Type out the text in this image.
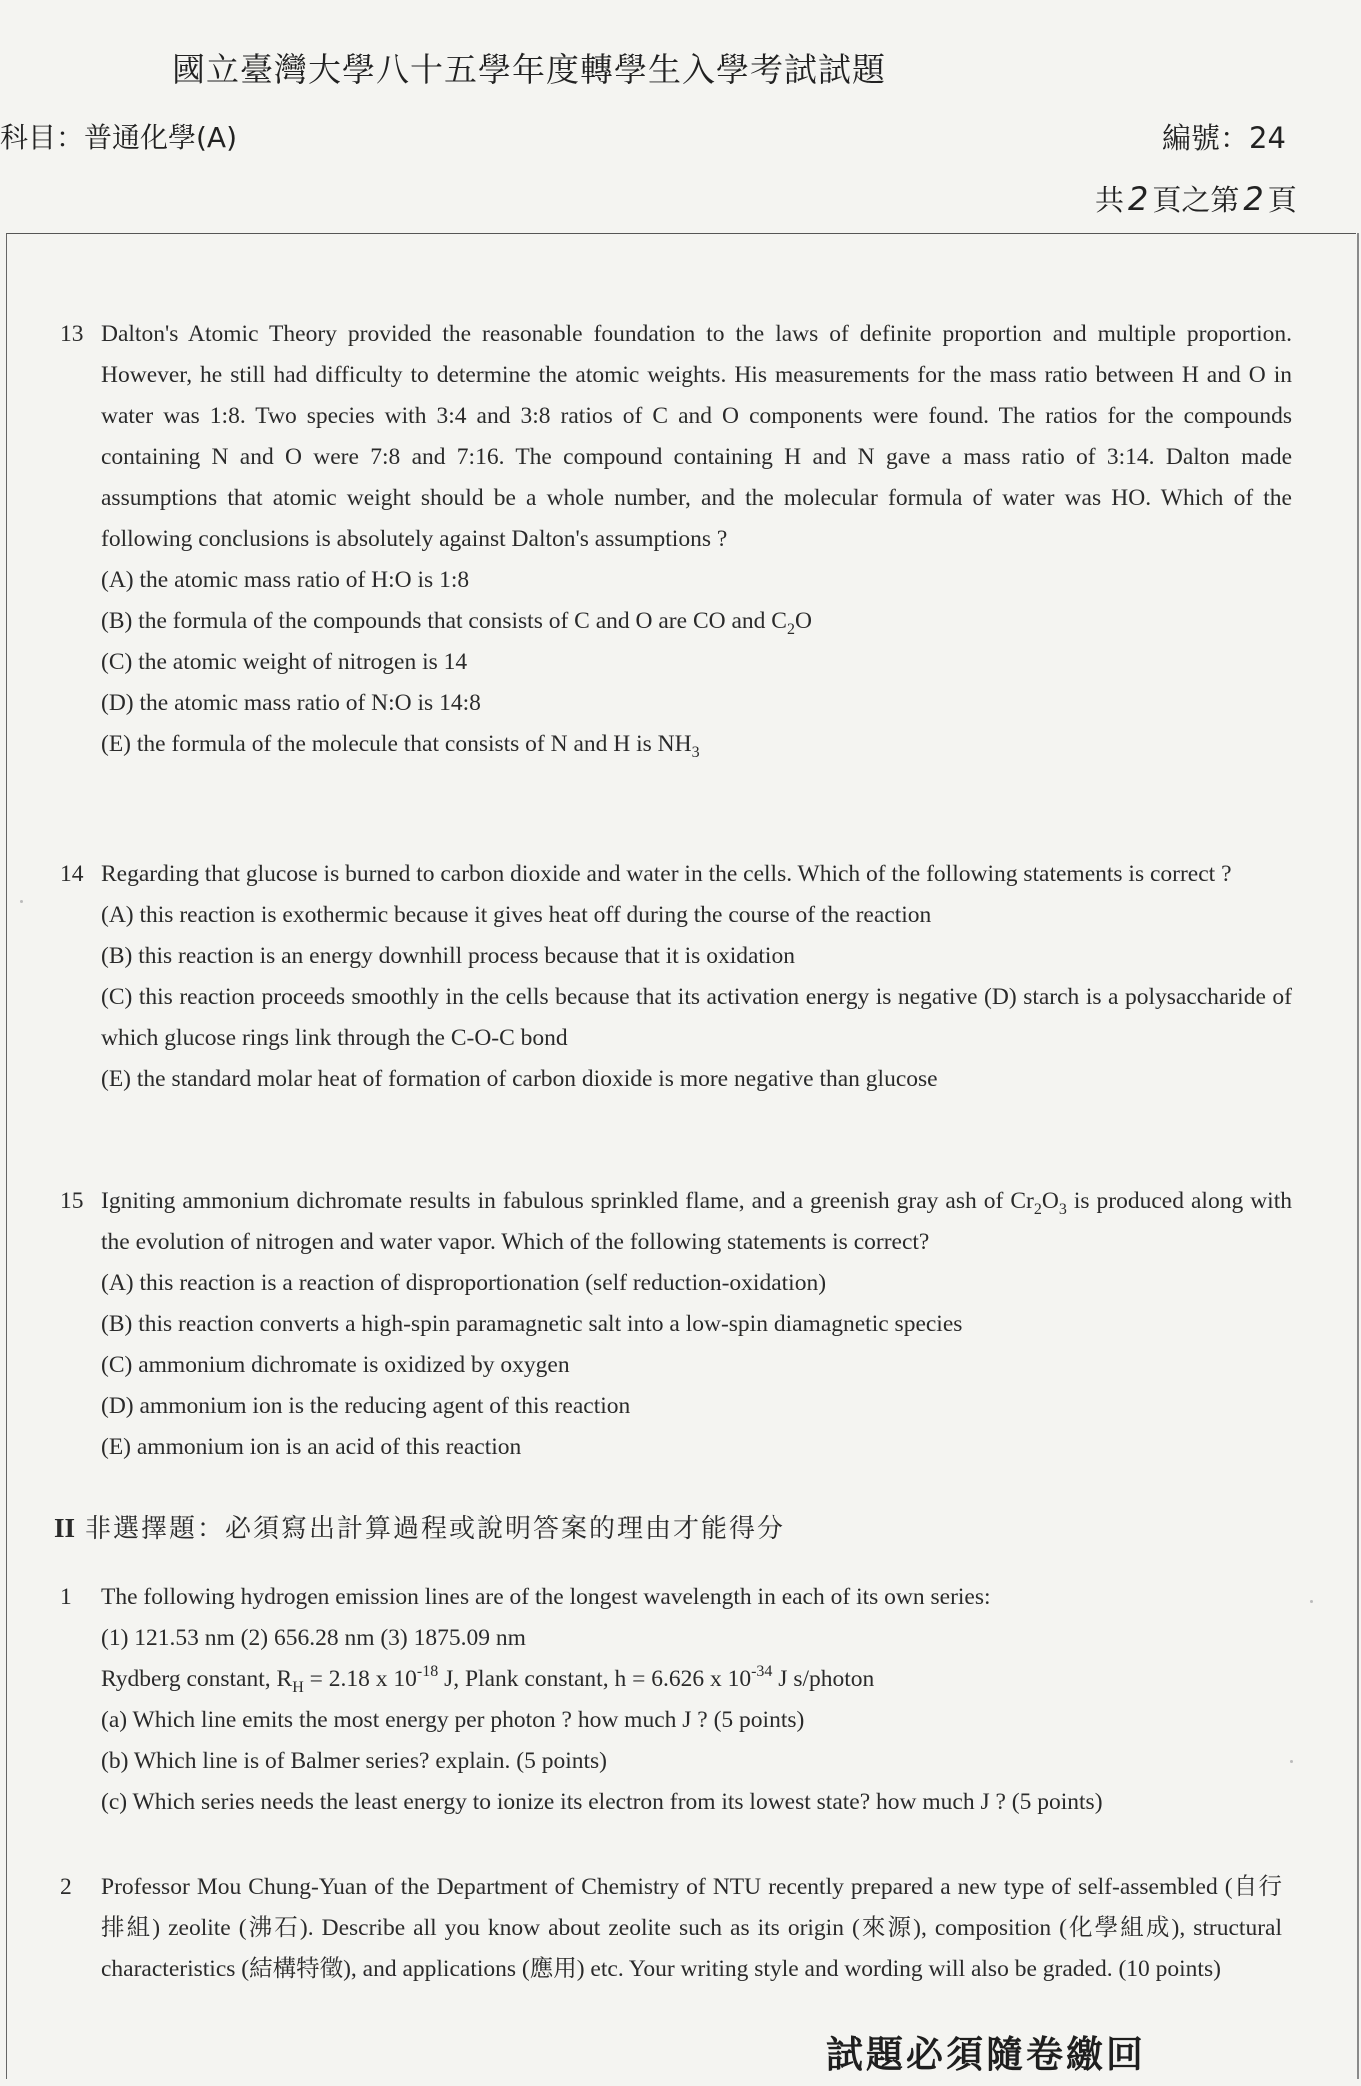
國立臺灣大學八十五學年度轉學生入學考試試題
科目：普通化學(A)	編號：24
共 2 頁之第 2 頁
13 Dalton's Atomic Theory provided the reasonable foundation to the laws of definite proportion and multiple proportion. However, he still had difficulty to determine the atomic weights. His measurements for the mass ratio between H and O in water was 1:8. Two species with 3:4 and 3:8 ratios of C and O components were found. The ratios for the compounds containing N and O were 7:8 and 7:16. The compound containing H and N gave a mass ratio of 3:14. Dalton made assumptions that atomic weight should be a whole number, and the molecular formula of water was HO. Which of the following conclusions is absolutely against Dalton's assumptions ?
(A) the atomic mass ratio of H:O is 1:8
(B) the formula of the compounds that consists of C and O are CO and $C_2O$
(C) the atomic weight of nitrogen is 14
(D) the atomic mass ratio of N:O is 14:8
(E) the formula of the molecule that consists of N and H is $NH_3$
14 Regarding that glucose is burned to carbon dioxide and water in the cells. Which of the following statements is correct ?
(A) this reaction is exothermic because it gives heat off during the course of the reaction
(B) this reaction is an energy downhill process because that it is oxidation
(C) this reaction proceeds smoothly in the cells because that its activation energy is negative (D) starch is a polysaccharide of which glucose rings link through the C-O-C bond
(E) the standard molar heat of formation of carbon dioxide is more negative than glucose
15 Igniting ammonium dichromate results in fabulous sprinkled flame, and a greenish gray ash of $Cr_2O_3$ is produced along with the evolution of nitrogen and water vapor. Which of the following statements is correct?
(A) this reaction is a reaction of disproportionation (self reduction-oxidation)
(B) this reaction converts a high-spin paramagnetic salt into a low-spin diamagnetic species
(C) ammonium dichromate is oxidized by oxygen
(D) ammonium ion is the reducing agent of this reaction
(E) ammonium ion is an acid of this reaction
II 非選擇題：必須寫出計算過程或說明答案的理由才能得分
1	The following hydrogen emission lines are of the longest wavelength in each of its own series:
(1) 121.53 nm (2) 656.28 nm (3) 1875.09 nm
Rydberg constant, $R_H = 2.18$ x $10^{-18}$ J, Plank constant, h = 6.626 x $10^{-34}$ J s/photon
(a) Which line emits the most energy per photon ? how much J ? (5 points)
(b) Which line is of Balmer series? explain. (5 points)
(c) Which series needs the least energy to ionize its electron from its lowest state? how much J ? (5 points)
2	Professor Mou Chung-Yuan of the Department of Chemistry of NTU recently prepared a new type of self-assembled (自行排組) zeolite (沸石). Describe all you know about zeolite such as its origin (來源), composition (化學組成), structural characteristics (結構特徵), and applications (應用) etc. Your writing style and wording will also be graded. (10 points)
試題必須隨卷繳回
